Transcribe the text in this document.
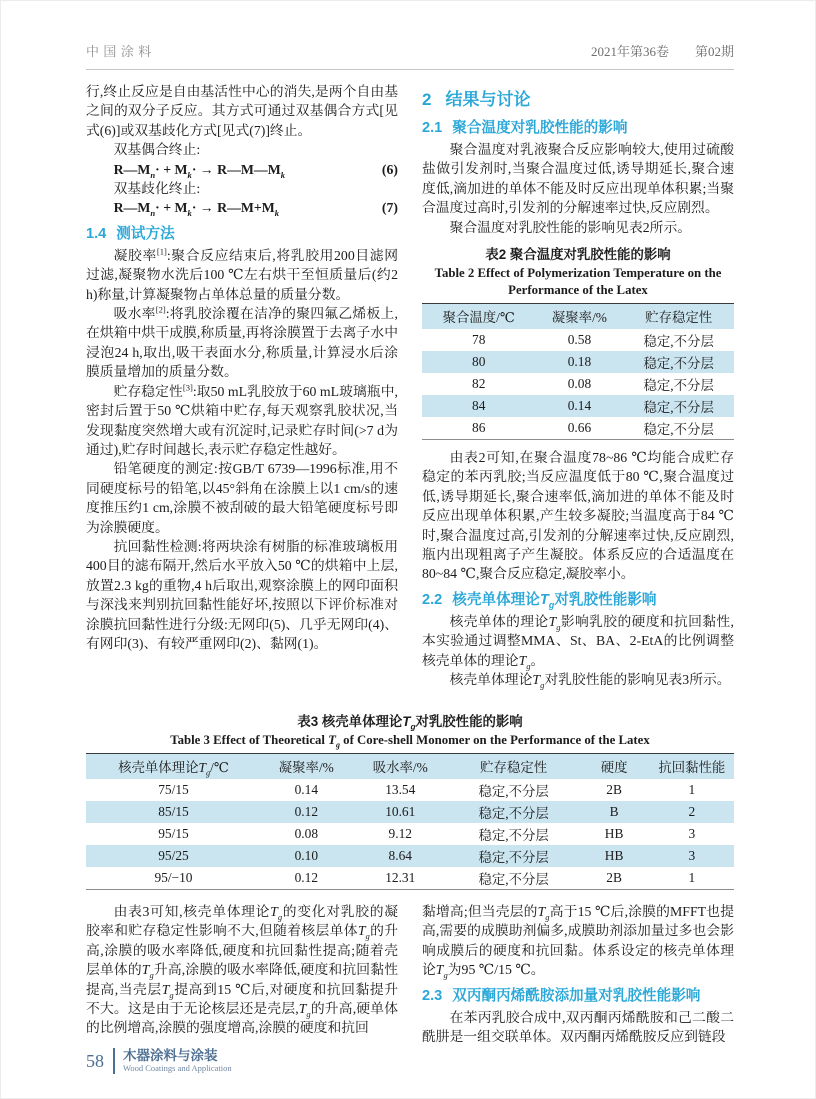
中国涂料	2021年第36卷 第02期

行,终止反应是自由基活性中心的消失,是两个自由基之间的双分子反应。其方式可通过双基偶合方式[见式(6)]或双基歧化方式[见式(7)]终止。

双基偶合终止:

$R—M_n\cdot + M_k\cdot$ → $R—M—M_k$	(6)

双基歧化终止:

$R—M_n\cdot + M_k\cdot$ → $R—M+M_k$	(7)
1.4 测试方法

凝胶率[1]:聚合反应结束后,将乳胶用200目滤网过滤,凝聚物水洗后100 ℃左右烘干至恒质量后(约2 h)称量,计算凝聚物占单体总量的质量分数。

吸水率[2]:将乳胶涂覆在洁净的聚四氟乙烯板上,在烘箱中烘干成膜,称质量,再将涂膜置于去离子水中浸泡24 h,取出,吸干表面水分,称质量,计算浸水后涂膜质量增加的质量分数。

贮存稳定性[3]:取50 mL乳胶放于60 mL玻璃瓶中,密封后置于50 ℃烘箱中贮存,每天观察乳胶状况,当发现黏度突然增大或有沉淀时,记录贮存时间(>7 d为通过),贮存时间越长,表示贮存稳定性越好。

铅笔硬度的测定:按GB/T 6739—1996标准,用不同硬度标号的铅笔,以45°斜角在涂膜上以1 cm/s的速度推压约1 cm,涂膜不被刮破的最大铅笔硬度标号即为涂膜硬度。

抗回黏性检测:将两块涂有树脂的标准玻璃板用400目的滤布隔开,然后水平放入50 ℃的烘箱中上层,放置2.3 kg的重物,4 h后取出,观察涂膜上的网印面积与深浅来判别抗回黏性能好坏,按照以下评价标准对涂膜抗回黏性进行分级:无网印(5)、几乎无网印(4)、有网印(3)、有较严重网印(2)、黏网(1)。

2 结果与讨论
2.1 聚合温度对乳胶性能的影响

聚合温度对乳液聚合反应影响较大,使用过硫酸盐做引发剂时,当聚合温度过低,诱导期延长,聚合速度低,滴加进的单体不能及时反应出现单体积累;当聚合温度过高时,引发剂的分解速率过快,反应剧烈。

聚合温度对乳胶性能的影响见表2所示。

表2 聚合温度对乳胶性能的影响
Table 2 Effect of Polymerization Temperature on the Performance of the Latex
聚合温度/℃	凝聚率/%	贮存稳定性
78	0.58	稳定,不分层
80	0.18	稳定,不分层
82	0.08	稳定,不分层
84	0.14	稳定,不分层
86	0.66	稳定,不分层

由表2可知,在聚合温度78~86 ℃均能合成贮存稳定的苯丙乳胶;当反应温度低于80 ℃,聚合温度过低,诱导期延长,聚合速率低,滴加进的单体不能及时反应出现单体积累,产生较多凝胶;当温度高于84 ℃时,聚合温度过高,引发剂的分解速率过快,反应剧烈,瓶内出现粗离子产生凝胶。体系反应的合适温度在80~84 ℃,聚合反应稳定,凝胶率小。

2.2 核壳单体理论$T_g$对乳胶性能影响

核壳单体的理论$T_g$影响乳胶的硬度和抗回黏性,本实验通过调整MMA、St、BA、2-EtA的比例调整核壳单体的理论$T_g$。

核壳单体理论$T_g$对乳胶性能的影响见表3所示。

表3 核壳单体理论$T_g$对乳胶性能的影响
Table 3 Effect of Theoretical $T_g$ of Core-shell Monomer on the Performance of the Latex
核壳单体理论$T_g/℃$	凝聚率/%	吸水率/%	贮存稳定性	硬度	抗回黏性能
75/15	0.14	13.54	稳定,不分层	2B	1
85/15	0.12	10.61	稳定,不分层	B	2
95/15	0.08	9.12	稳定,不分层	HB	3
95/25	0.10	8.64	稳定,不分层	HB	3
95/−10	0.12	12.31	稳定,不分层	2B	1

由表3可知,核壳单体理论$T_g$的变化对乳胶的凝胶率和贮存稳定性影响不大,但随着核层单体$T_g$的升高,涂膜的吸水率降低,硬度和抗回黏性提高;随着壳层单体的$T_g$升高,涂膜的吸水率降低,硬度和抗回黏性提高,当壳层$T_g$提高到15 ℃后,对硬度和抗回黏提升不大。这是由于无论核层还是壳层$,T_g$的升高,硬单体的比例增高,涂膜的强度增高,涂膜的硬度和抗回

黏增高;但当壳层的$T_g$高于15 ℃后,涂膜的MFFT也提高,需要的成膜助剂偏多,成膜助剂添加量过多也会影响成膜后的硬度和抗回黏。体系设定的核壳单体理论$T_g$为95 ℃/15 ℃。

2.3 双丙酮丙烯酰胺添加量对乳胶性能影响

在苯丙乳胶合成中,双丙酮丙烯酰胺和己二酸二酰肼是一组交联单体。双丙酮丙烯酰胺反应到链段

58 木器涂料与涂装
Wood Coatings and Application
